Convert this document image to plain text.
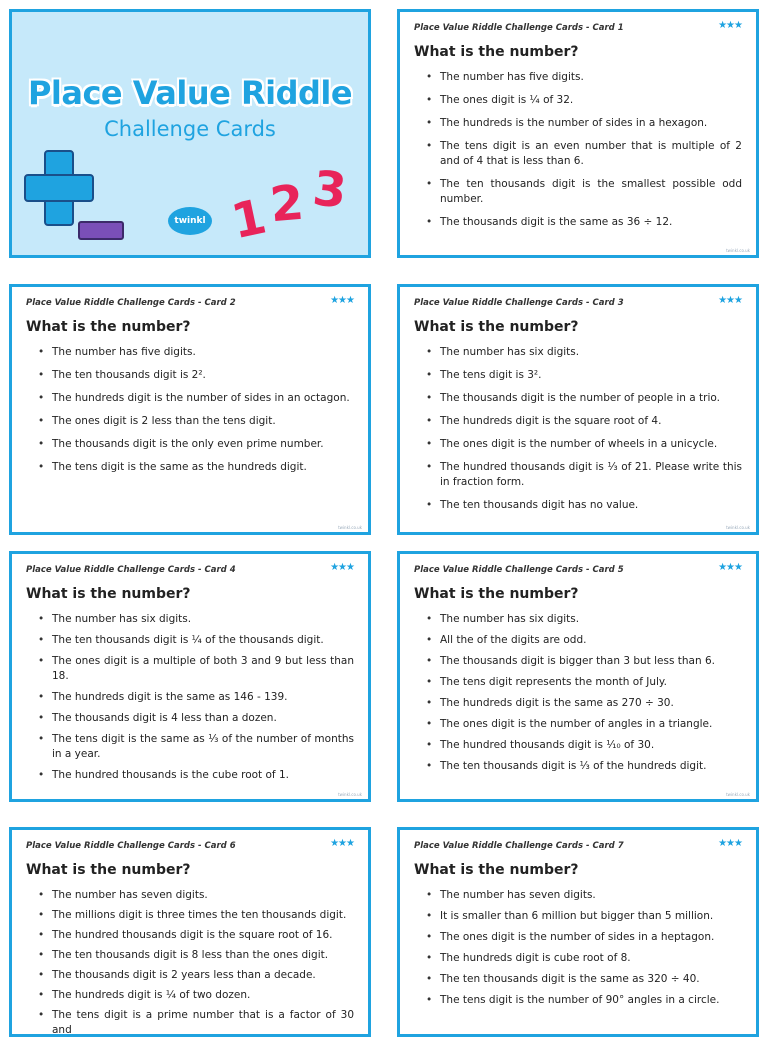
Place Value Riddle
Challenge Cards
twinkl 123
Place Value Riddle Challenge Cards - Card 1	★★★
What is the number?
• The number has five digits.
• The ones digit is ¼ of 32.
• The hundreds is the number of sides in a hexagon.
• The tens digit is an even number that is multiple of 2 and of 4 that is less than 6.
• The ten thousands digit is the smallest possible odd number.
• The thousands digit is the same as 36 ÷ 12.
twinkl.co.uk
Place Value Riddle Challenge Cards - Card 2	★★★
What is the number?
• The number has five digits.
• The ten thousands digit is 2².
• The hundreds digit is the number of sides in an octagon.
• The ones digit is 2 less than the tens digit.
• The thousands digit is the only even prime number.
• The tens digit is the same as the hundreds digit.
twinkl.co.uk
Place Value Riddle Challenge Cards - Card 3	★★★
What is the number?
• The number has six digits.
• The tens digit is 3².
• The thousands digit is the number of people in a trio.
• The hundreds digit is the square root of 4.
• The ones digit is the number of wheels in a unicycle.
• The hundred thousands digit is ⅓ of 21. Please write this in fraction form.
• The ten thousands digit has no value.
twinkl.co.uk
Place Value Riddle Challenge Cards - Card 4	★★★
What is the number?
• The number has six digits.
• The ten thousands digit is ¼ of the thousands digit.
• The ones digit is a multiple of both 3 and 9 but less than 18.
• The hundreds digit is the same as 146 - 139.
• The thousands digit is 4 less than a dozen.
• The tens digit is the same as ⅓ of the number of months in a year.
• The hundred thousands is the cube root of 1.
twinkl.co.uk
Place Value Riddle Challenge Cards - Card 5	★★★
What is the number?
• The number has six digits.
• All the of the digits are odd.
• The thousands digit is bigger than 3 but less than 6.
• The tens digit represents the month of July.
• The hundreds digit is the same as 270 ÷ 30.
• The ones digit is the number of angles in a triangle.
• The hundred thousands digit is ⅒ of 30.
• The ten thousands digit is ⅓ of the hundreds digit.
twinkl.co.uk
Place Value Riddle Challenge Cards - Card 6	★★★
What is the number?
• The number has seven digits.
• The millions digit is three times the ten thousands digit.
• The hundred thousands digit is the square root of 16.
• The ten thousands digit is 8 less than the ones digit.
• The thousands digit is 2 years less than a decade.
• The hundreds digit is ¼ of two dozen.
• The tens digit is a prime number that is a factor of 30 and
Place Value Riddle Challenge Cards - Card 7	★★★
What is the number?
• The number has seven digits.
• It is smaller than 6 million but bigger than 5 million.
• The ones digit is the number of sides in a heptagon.
• The hundreds digit is cube root of 8.
• The ten thousands digit is the same as 320 ÷ 40.
• The tens digit is the number of 90° angles in a circle.
